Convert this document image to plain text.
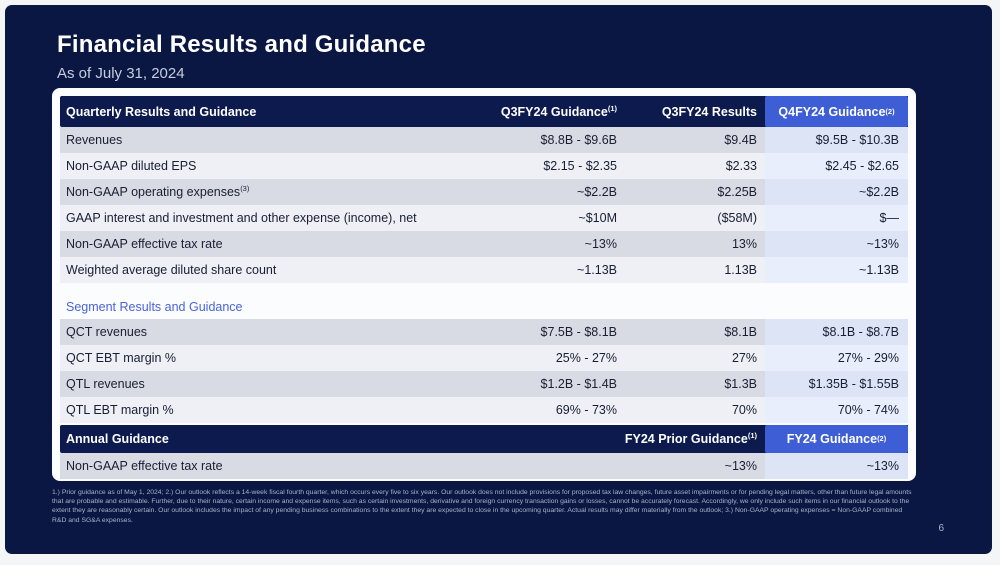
Financial Results and Guidance
As of July 31, 2024
Quarterly Results and Guidance	Q3FY24 Guidance$^{(1)}$	Q3FY24 Results	Q4FY24 Guidance (2)
Revenues	$8.8B - $9.6B	$9.4B	$9.5B - $10.3B
Non-GAAP diluted EPS	$2.15 - $2.35	$2.33	$2.45 - $2.65
Non-GAAP operating expenses$^{(3)}$	~$2.2B	$2.25B	~$2.2B
GAAP interest and investment and other expense (income), net	~$10M	($58M)	$—
Non-GAAP effective tax rate	~13%	13%	~13%
Weighted average diluted share count	~1.13B	1.13B	~1.13B
Segment Results and Guidance
QCT revenues	$7.5B - $8.1B	$8.1B	$8.1B - $8.7B
QCT EBT margin %	25% - 27%	27%	27% - 29%
QTL revenues	$1.2B - $1.4B	$1.3B	$1.35B - $1.55B
QTL EBT margin %	69% - 73%	70%	70% - 74%
Annual Guidance	FY24 Prior Guidance$^{(1)}$	FY24 Guidance (2)
Non-GAAP effective tax rate	~13%	~13%
1.) Prior guidance as of May 1, 2024; 2.) Our outlook reflects a 14-week fiscal fourth quarter, which occurs every five to six years. Our outlook does not include provisions for proposed tax law changes, future asset impairments or for pending legal matters, other than future legal amounts that are probable and estimable. Further, due to their nature, certain income and expense items, such as certain investments, derivative and foreign currency transaction gains or losses, cannot be accurately forecast. Accordingly, we only include such items in our financial outlook to the extent they are reasonably certain. Our outlook includes the impact of any pending business combinations to the extent they are expected to close in the upcoming quarter. Actual results may differ materially from the outlook; 3.) Non-GAAP operating expenses = Non-GAAP combined R&D and SG&A expenses.
6
